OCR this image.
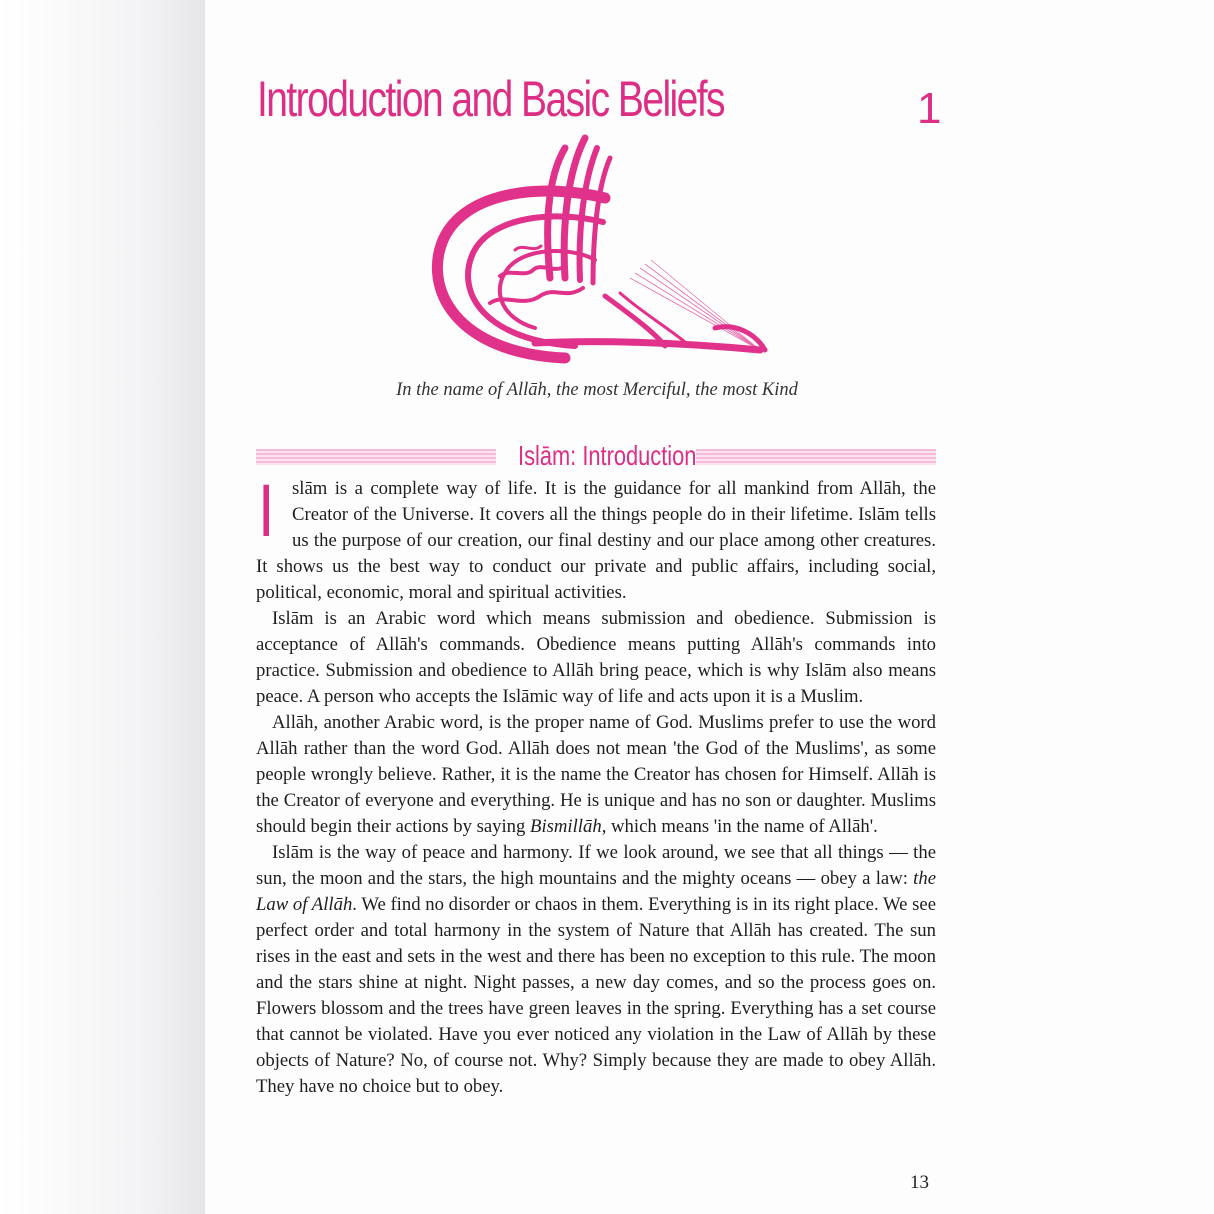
Introduction and Basic Beliefs	1
In the name of Allāh, the most Merciful, the most Kind
Islām: Introduction

Islām is a complete way of life. It is the guidance for all mankind from Allāh, the Creator of the Universe. It covers all the things people do in their lifetime. Islām tells us the purpose of our creation, our final destiny and our place among other creatures. It shows us the best way to conduct our private and public affairs, including social, political, economic, moral and spiritual activities.

Islām is an Arabic word which means submission and obedience. Submission is acceptance of Allāh's commands. Obedience means putting Allāh's commands into practice. Submission and obedience to Allāh bring peace, which is why Islām also means peace. A person who accepts the Islāmic way of life and acts upon it is a Muslim.

Allāh, another Arabic word, is the proper name of God. Muslims prefer to use the word Allāh rather than the word God. Allāh does not mean 'the God of the Muslims', as some people wrongly believe. Rather, it is the name the Creator has chosen for Himself. Allāh is the Creator of everyone and everything. He is unique and has no son or daughter. Muslims should begin their actions by saying Bismillāh, which means 'in the name of Allāh'.

Islām is the way of peace and harmony. If we look around, we see that all things — the sun, the moon and the stars, the high mountains and the mighty oceans — obey a law: the Law of Allāh. We find no disorder or chaos in them. Everything is in its right place. We see perfect order and total harmony in the system of Nature that Allāh has created. The sun rises in the east and sets in the west and there has been no exception to this rule. The moon and the stars shine at night. Night passes, a new day comes, and so the process goes on. Flowers blossom and the trees have green leaves in the spring. Everything has a set course that cannot be violated. Have you ever noticed any violation in the Law of Allāh by these objects of Nature? No, of course not. Why? Simply because they are made to obey Allāh. They have no choice but to obey.

13
